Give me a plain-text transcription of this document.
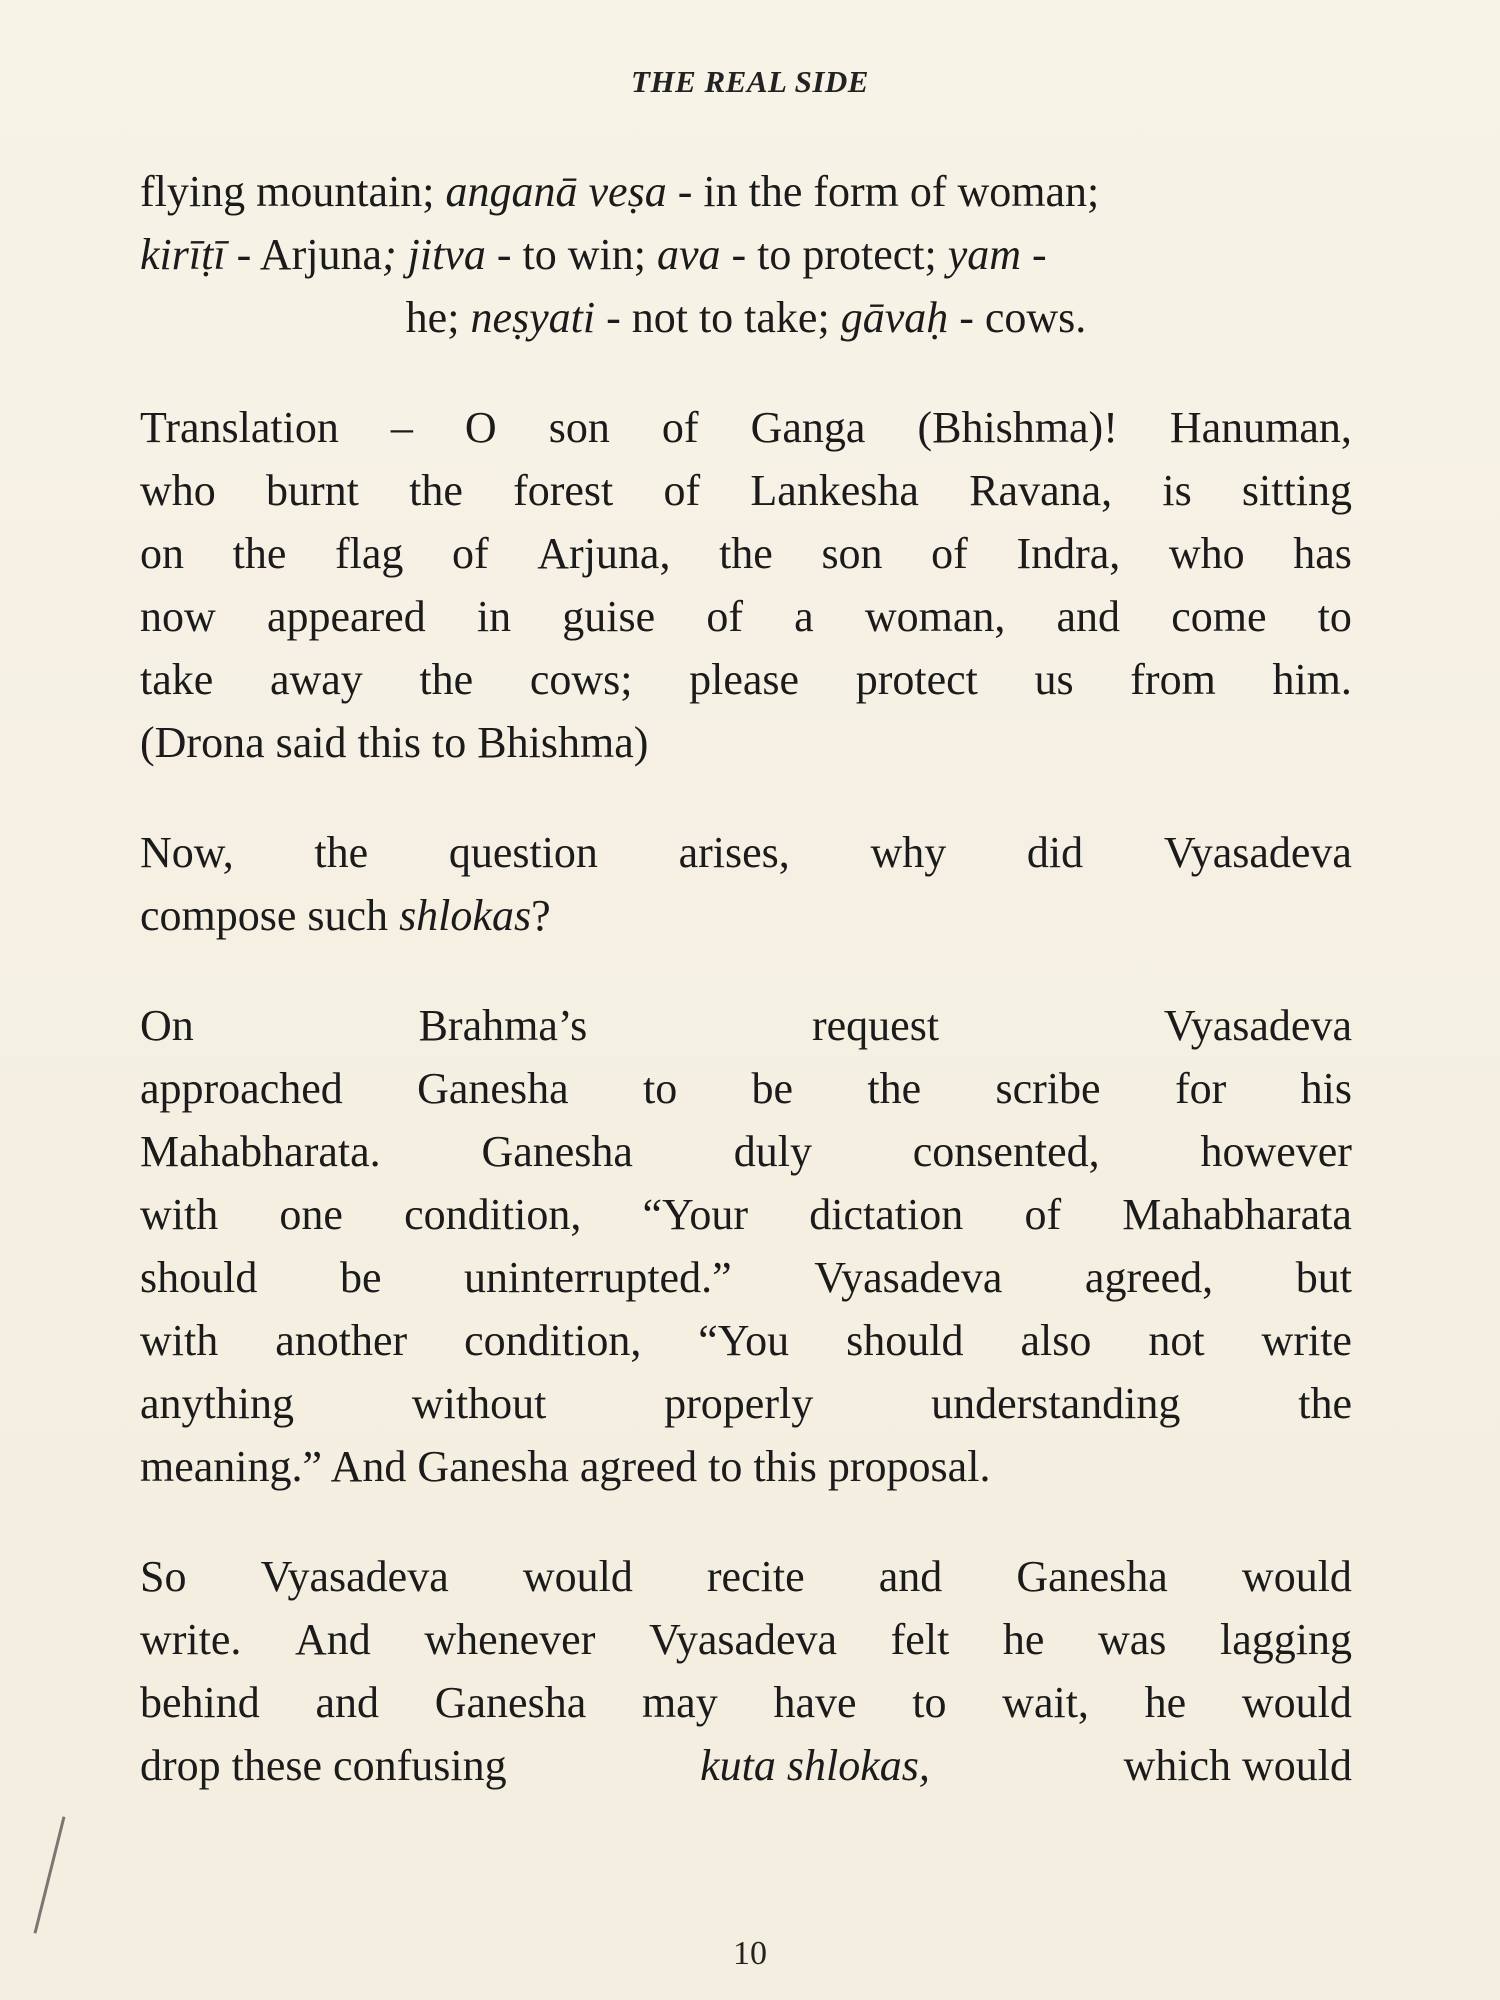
THE REAL SIDE
flying mountain; anganā veṣa - in the form of woman;
kirīṭī - Arjuna; jitva - to win; ava - to protect; yam -
he; neṣyati - not to take; gāvaḥ - cows.
Translation – O son of Ganga (Bhishma)! Hanuman,
who burnt the forest of Lankesha Ravana, is sitting
on the flag of Arjuna, the son of Indra, who has
now appeared in guise of a woman, and come to
take away the cows; please protect us from him.
(Drona said this to Bhishma)
Now, the question arises, why did Vyasadeva
compose such shlokas?
On	Brahma’s	request	Vyasadeva
approached Ganesha to be the scribe for his
Mahabharata. Ganesha duly consented, however
with one condition, “Your dictation of Mahabharata
should be uninterrupted.” Vyasadeva agreed, but
with another condition, “You should also not write
anything	without	properly	understanding	the
meaning.” And Ganesha agreed to this proposal.
So Vyasadeva would recite and Ganesha would
write. And whenever Vyasadeva felt he was lagging
behind and Ganesha may have to wait, he would
drop these confusing	kuta shlokas,	which would
10
